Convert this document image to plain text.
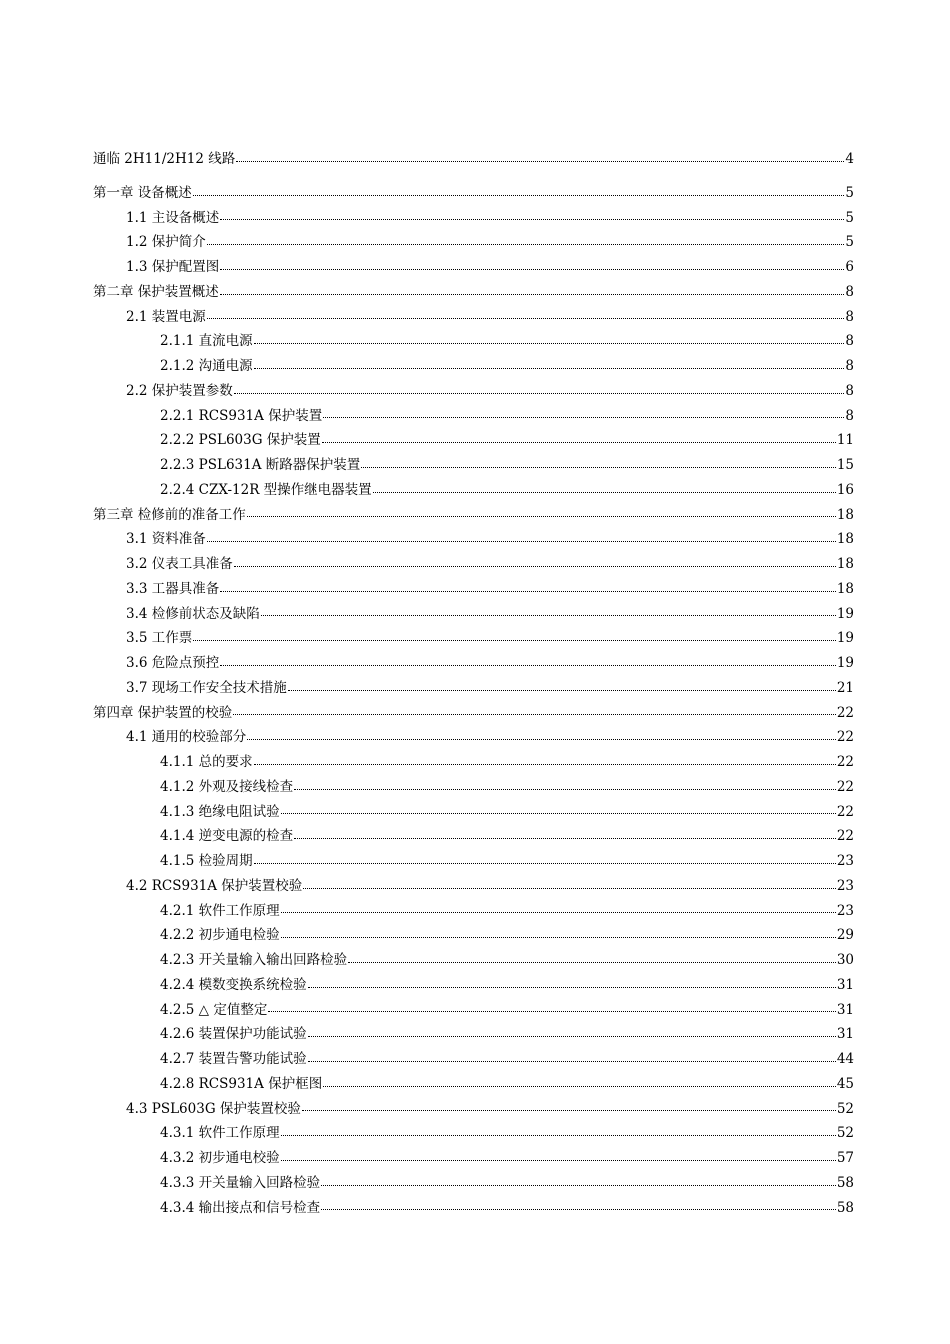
通临 2H11/2H12 线路	4
第一章 设备概述	5
1.1 主设备概述	5
1.2 保护简介	5
1.3 保护配置图	6
第二章 保护装置概述	8
2.1 装置电源	8
2.1.1 直流电源	8
2.1.2 沟通电源	8
2.2 保护装置参数	8
2.2.1 RCS931A 保护装置	8
2.2.2 PSL603G 保护装置	11
2.2.3 PSL631A 断路器保护装置	15
2.2.4 CZX-12R 型操作继电器装置	16
第三章 检修前的准备工作	18
3.1 资料准备	18
3.2 仪表工具准备	18
3.3 工器具准备	18
3.4 检修前状态及缺陷	19
3.5 工作票	19
3.6 危险点预控	19
3.7 现场工作安全技术措施	21
第四章 保护装置的校验	22
4.1 通用的校验部分	22
4.1.1 总的要求	22
4.1.2 外观及接线检查	22
4.1.3 绝缘电阻试验	22
4.1.4 逆变电源的检查	22
4.1.5 检验周期	23
4.2 RCS931A 保护装置校验	23
4.2.1 软件工作原理	23
4.2.2 初步通电检验	29
4.2.3 开关量输入输出回路检验	30
4.2.4 模数变换系统检验	31
4.2.5 △ 定值整定	31
4.2.6 装置保护功能试验	31
4.2.7 装置告警功能试验	44
4.2.8 RCS931A 保护框图	45
4.3 PSL603G 保护装置校验	52
4.3.1 软件工作原理	52
4.3.2 初步通电校验	57
4.3.3 开关量输入回路检验	58
4.3.4 输出接点和信号检查	58
